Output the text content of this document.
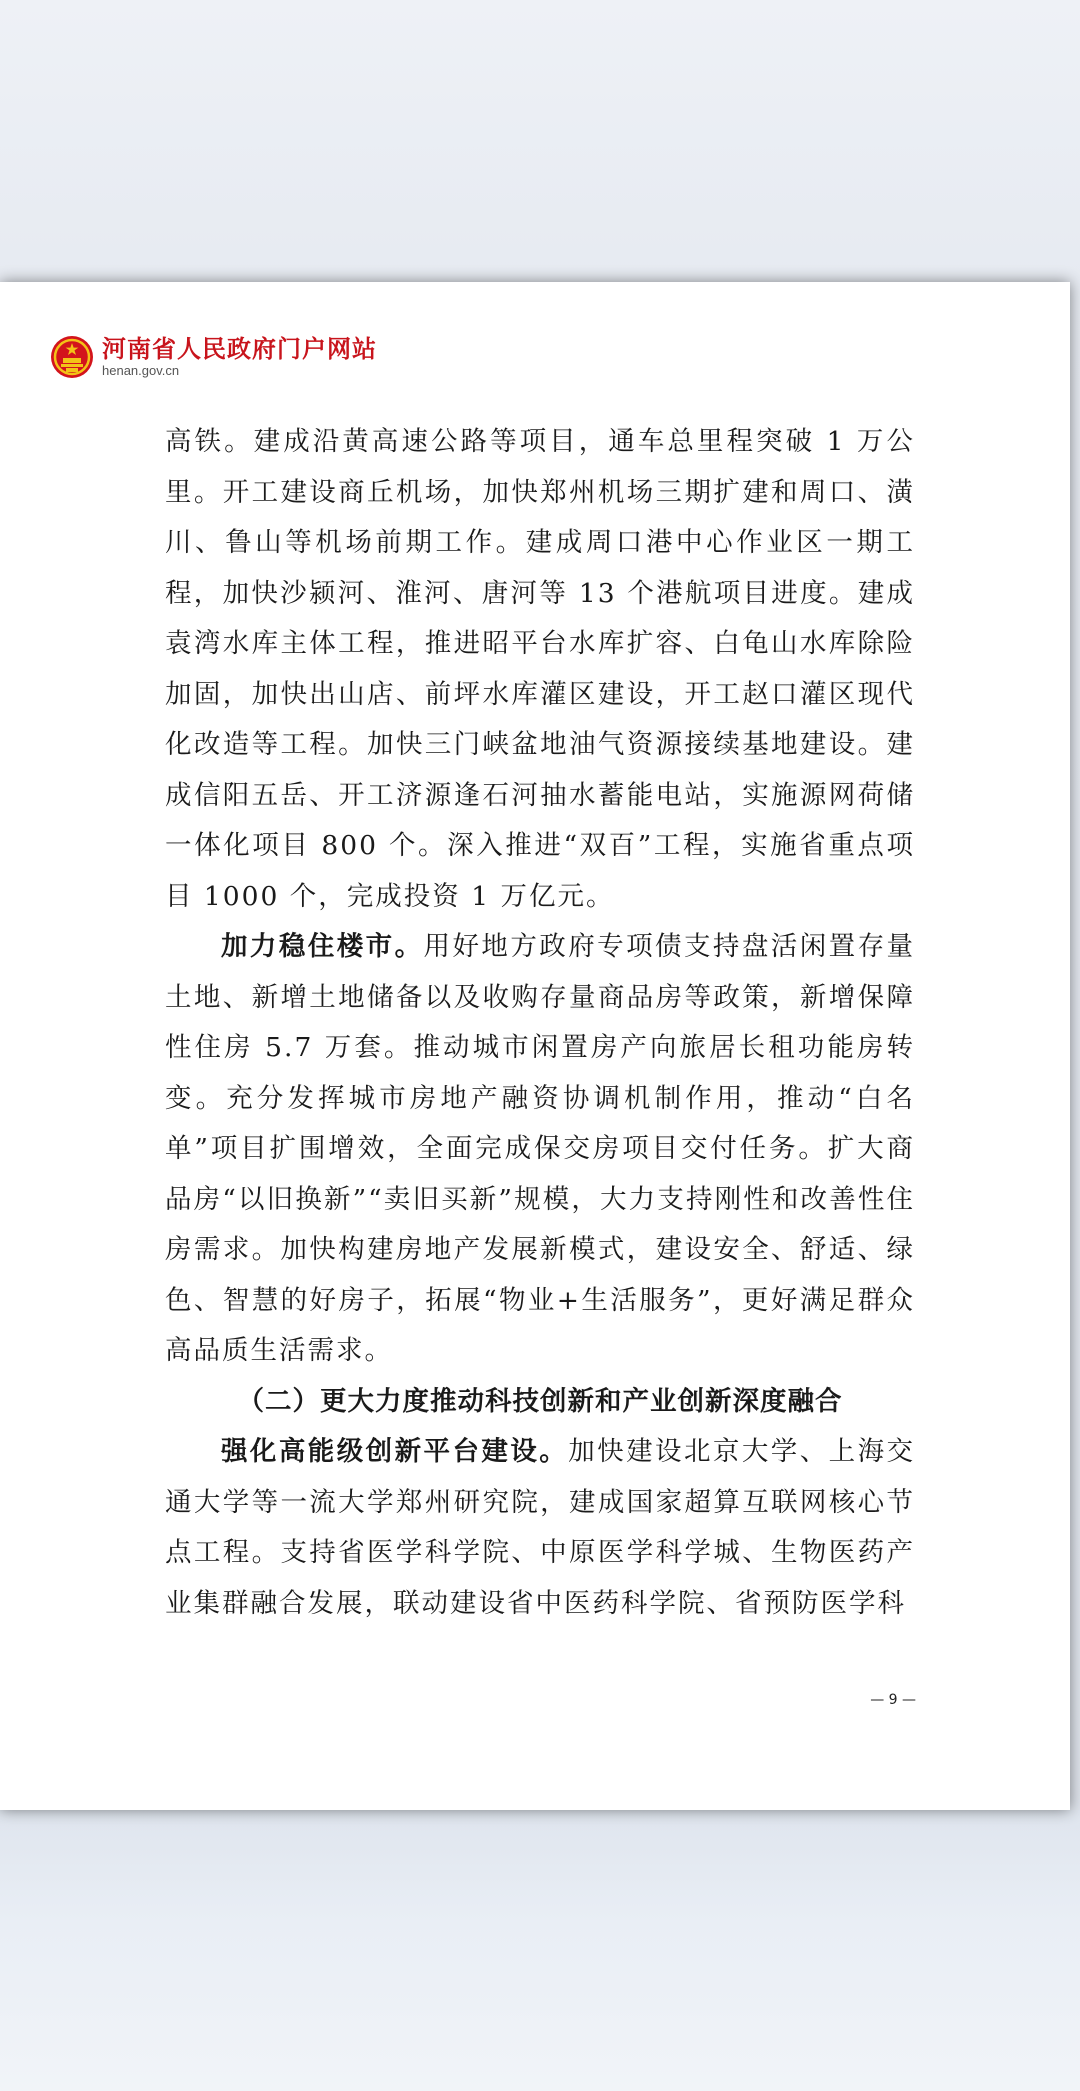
河南省人民政府门户网站
henan.gov.cn

高铁。建成沿黄高速公路等项目，通车总里程突破 1 万公里。开工建设商丘机场，加快郑州机场三期扩建和周口、潢川、鲁山等机场前期工作。建成周口港中心作业区一期工程，加快沙颍河、淮河、唐河等 13 个港航项目进度。建成袁湾水库主体工程，推进昭平台水库扩容、白龟山水库除险加固，加快出山店、前坪水库灌区建设，开工赵口灌区现代化改造等工程。加快三门峡盆地油气资源接续基地建设。建成信阳五岳、开工济源逢石河抽水蓄能电站，实施源网荷储一体化项目 800 个。深入推进“双百”工程，实施省重点项目 1000 个，完成投资 1 万亿元。

加力稳住楼市。用好地方政府专项债支持盘活闲置存量土地、新增土地储备以及收购存量商品房等政策，新增保障性住房 5.7 万套。推动城市闲置房产向旅居长租功能房转变。充分发挥城市房地产融资协调机制作用，推动“白名单”项目扩围增效，全面完成保交房项目交付任务。扩大商品房“以旧换新”“卖旧买新”规模，大力支持刚性和改善性住房需求。加快构建房地产发展新模式，建设安全、舒适、绿色、智慧的好房子，拓展“物业+生活服务”，更好满足群众高品质生活需求。

（二）更大力度推动科技创新和产业创新深度融合

强化高能级创新平台建设。加快建设北京大学、上海交通大学等一流大学郑州研究院，建成国家超算互联网核心节点工程。支持省医学科学院、中原医学科学城、生物医药产业集群融合发展，联动建设省中医药科学院、省预防医学科

— 9 —
